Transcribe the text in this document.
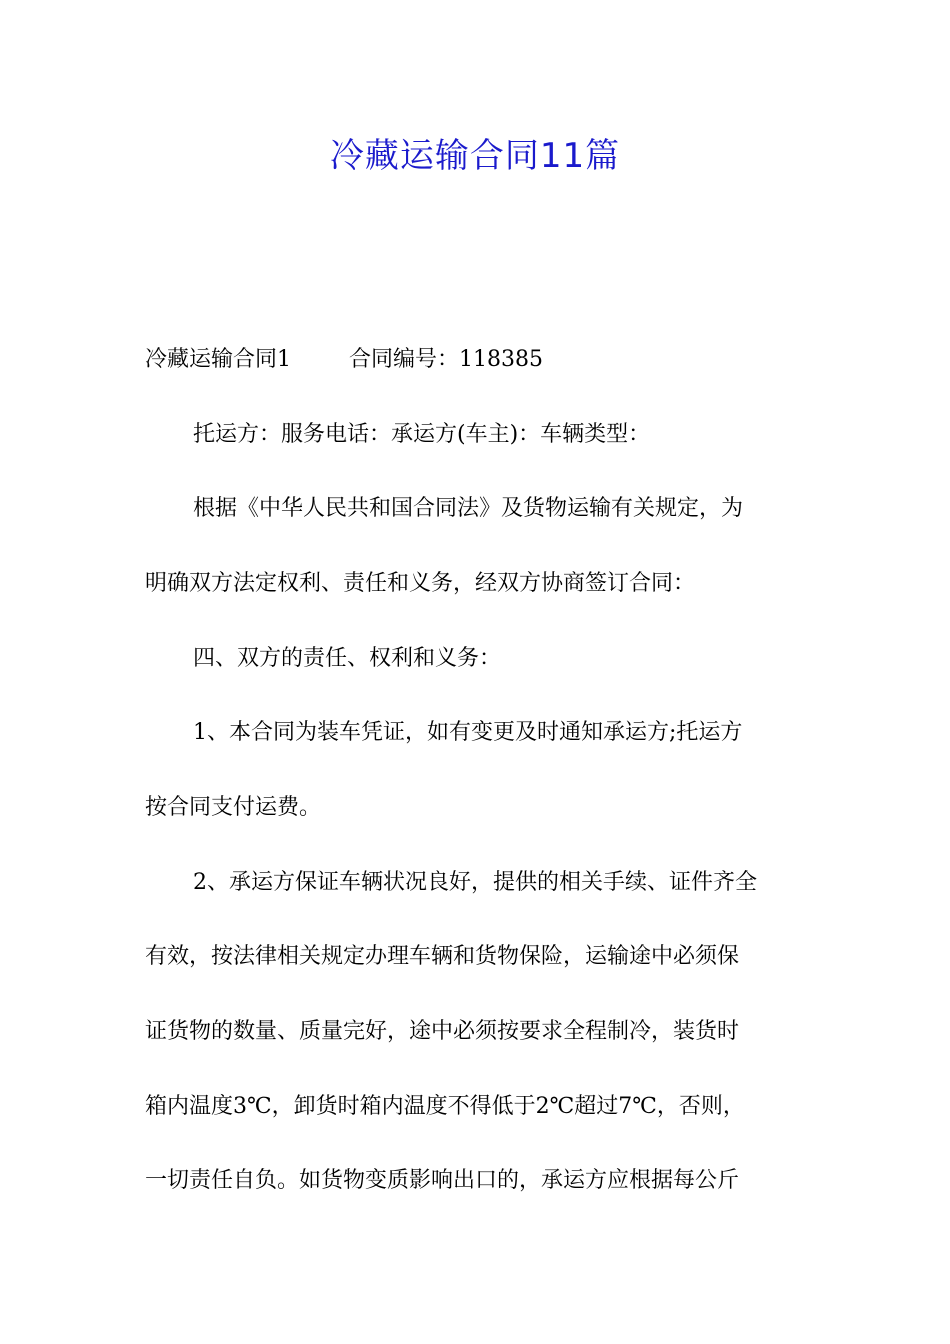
冷藏运输合同11篇
冷藏运输合同1	合同编号：118385
托运方：服务电话：承运方(车主)：车辆类型：
根据《中华人民共和国合同法》及货物运输有关规定，为
明确双方法定权利、责任和义务，经双方协商签订合同：
四、双方的责任、权利和义务：
1、本合同为装车凭证，如有变更及时通知承运方;托运方
按合同支付运费。
2、承运方保证车辆状况良好，提供的相关手续、证件齐全
有效，按法律相关规定办理车辆和货物保险，运输途中必须保
证货物的数量、质量完好，途中必须按要求全程制冷，装货时
箱内温度3℃，卸货时箱内温度不得低于2℃超过7℃，否则，
一切责任自负。如货物变质影响出口的，承运方应根据每公斤
